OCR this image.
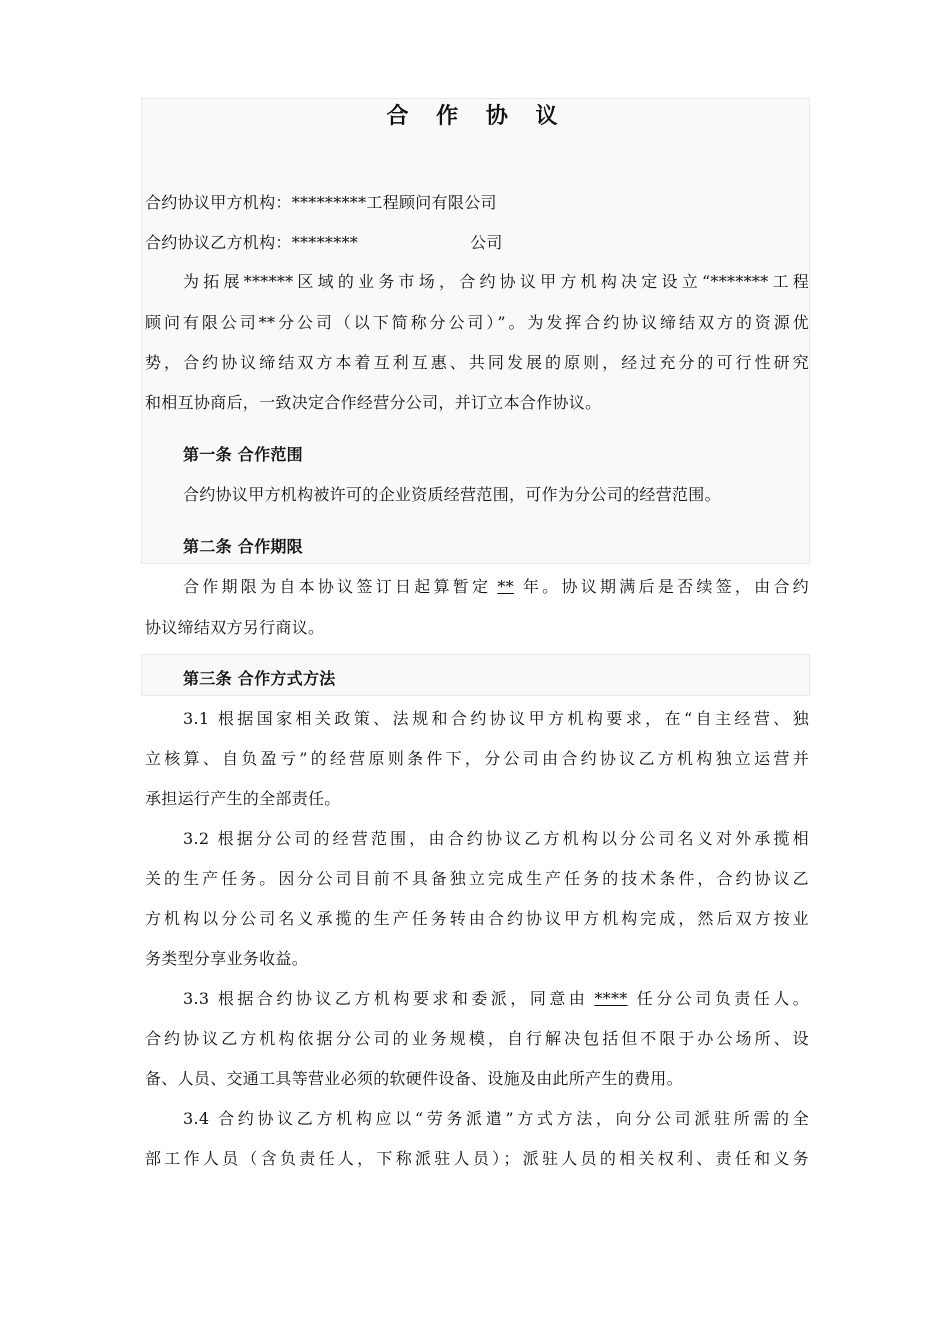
合 作 协 议
合约协议甲方机构：*********工程顾问有限公司
合约协议乙方机构：********	公司
为拓展******区域的业务市场，合约协议甲方机构决定设立“*******工程
顾问有限公司**分公司（以下简称分公司）”。为发挥合约协议缔结双方的资源优
势，合约协议缔结双方本着互利互惠、共同发展的原则，经过充分的可行性研究
和相互协商后，一致决定合作经营分公司，并订立本合作协议。
第一条 合作范围
合约协议甲方机构被许可的企业资质经营范围，可作为分公司的经营范围。
第二条 合作期限
合作期限为自本协议签订日起算暂定 ** 年。协议期满后是否续签，由合约
协议缔结双方另行商议。
第三条 合作方式方法
3.1 根据国家相关政策、法规和合约协议甲方机构要求，在“自主经营、独
立核算、自负盈亏”的经营原则条件下，分公司由合约协议乙方机构独立运营并
承担运行产生的全部责任。
3.2 根据分公司的经营范围，由合约协议乙方机构以分公司名义对外承揽相
关的生产任务。因分公司目前不具备独立完成生产任务的技术条件，合约协议乙
方机构以分公司名义承揽的生产任务转由合约协议甲方机构完成，然后双方按业
务类型分享业务收益。
3.3 根据合约协议乙方机构要求和委派，同意由 **** 任分公司负责任人。
合约协议乙方机构依据分公司的业务规模，自行解决包括但不限于办公场所、设
备、人员、交通工具等营业必须的软硬件设备、设施及由此所产生的费用。
3.4 合约协议乙方机构应以“劳务派遣”方式方法，向分公司派驻所需的全
部工作人员（含负责任人，下称派驻人员）；派驻人员的相关权利、责任和义务
